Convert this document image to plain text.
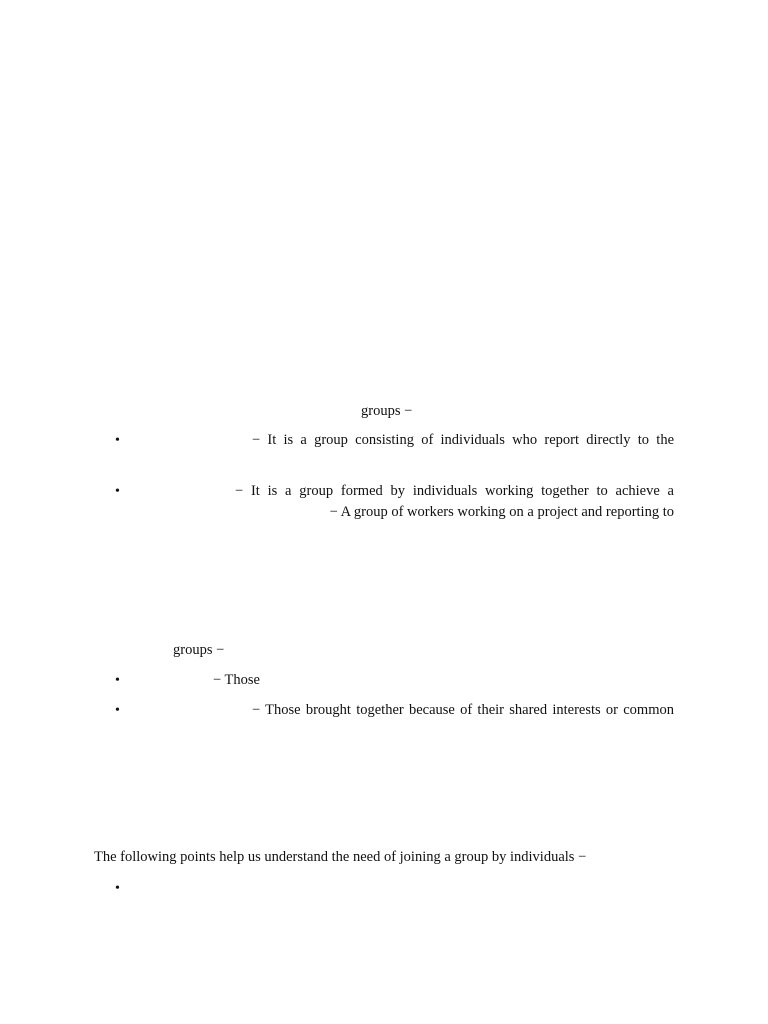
groups −
•	− It is a group consisting of individuals who report directly to the
•	− It is a group formed by individuals working together to achieve a
− A group of workers working on a project and reporting to
groups −
•	− Those
•	− Those brought together because of their shared interests or common
The following points help us understand the need of joining a group by individuals −
•
